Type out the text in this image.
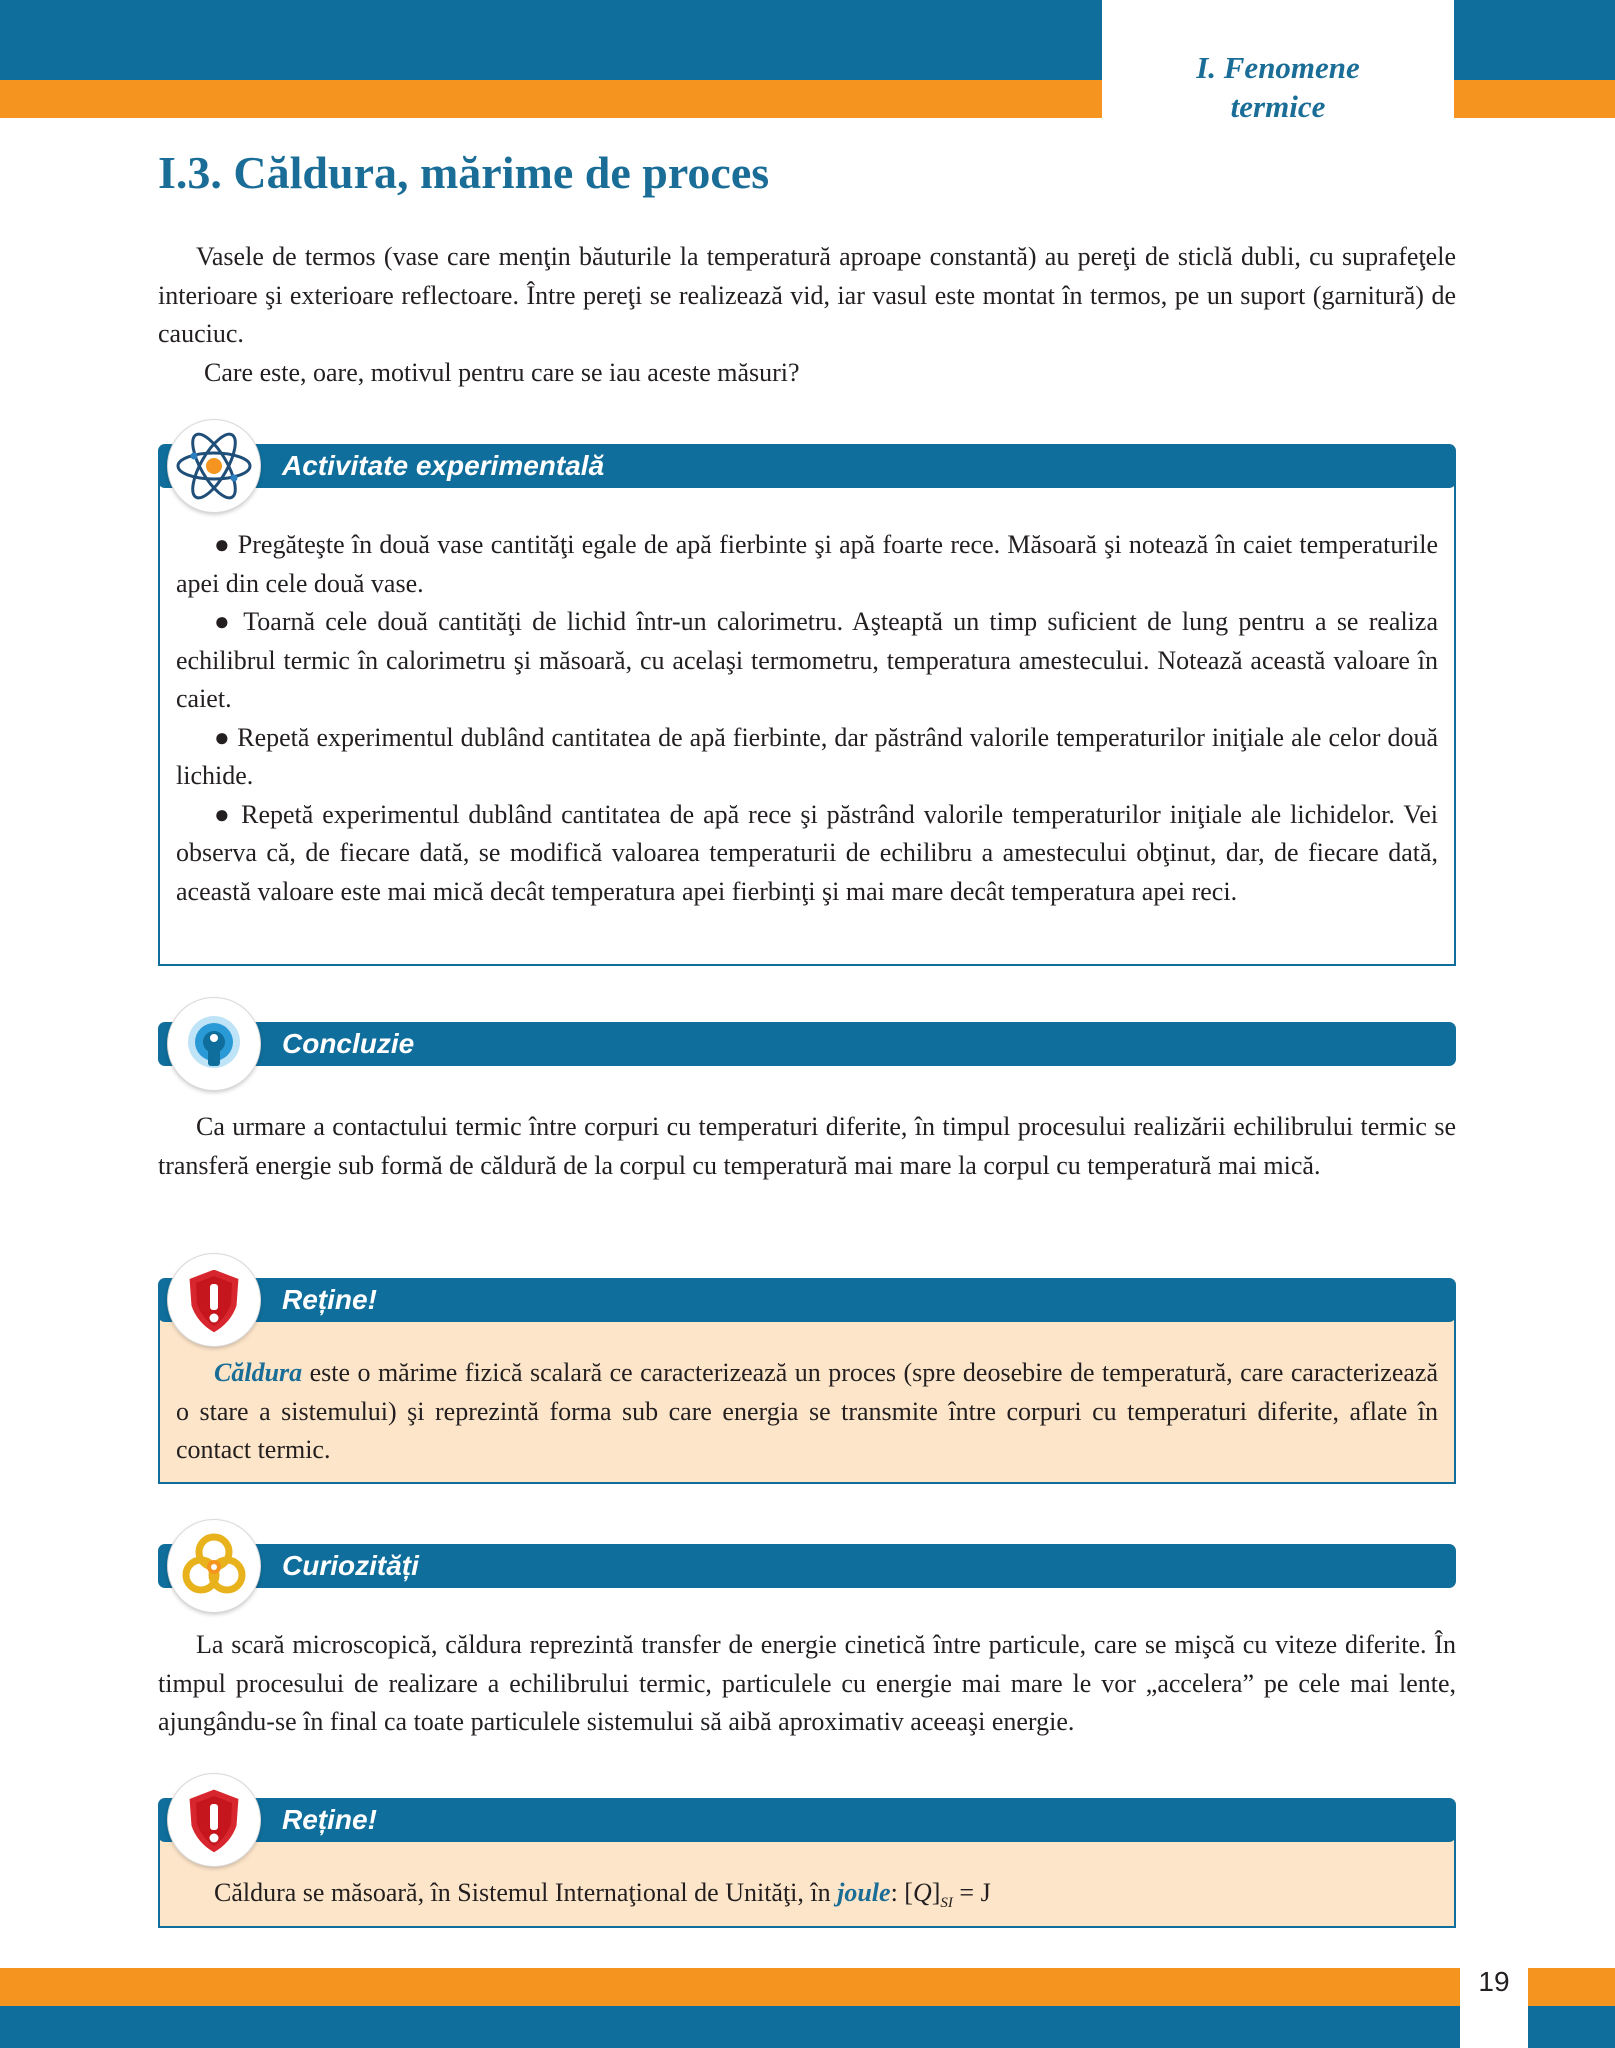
I. Fenomene
termice
I.3. Căldura, mărime de proces

Vasele de termos (vase care menţin băuturile la temperatură aproape constantă) au pereţi de sticlă dubli, cu suprafeţele interioare şi exterioare reflectoare. Între pereţi se realizează vid, iar vasul este montat în termos, pe un suport (garnitură) de cauciuc.

Care este, oare, motivul pentru care se iau aceste măsuri?

Activitate experimentală

● Pregăteşte în două vase cantităţi egale de apă fierbinte şi apă foarte rece. Măsoară şi notează în caiet temperaturile apei din cele două vase.

● Toarnă cele două cantităţi de lichid într-un calorimetru. Aşteaptă un timp suficient de lung pentru a se realiza echilibrul termic în calorimetru şi măsoară, cu acelaşi termometru, temperatura amestecului. Notează această valoare în caiet.

● Repetă experimentul dublând cantitatea de apă fierbinte, dar păstrând valorile temperaturilor iniţiale ale celor două lichide.

● Repetă experimentul dublând cantitatea de apă rece şi păstrând valorile temperaturilor iniţiale ale lichidelor. Vei observa că, de fiecare dată, se modifică valoarea temperaturii de echilibru a amestecului obţinut, dar, de fiecare dată, această valoare este mai mică decât temperatura apei fierbinţi şi mai mare decât temperatura apei reci.

Concluzie

Ca urmare a contactului termic între corpuri cu temperaturi diferite, în timpul procesului realizării echilibrului termic se transferă energie sub formă de căldură de la corpul cu temperatură mai mare la corpul cu temperatură mai mică.

Reține!

Căldura este o mărime fizică scalară ce caracterizează un proces (spre deosebire de temperatură, care caracterizează o stare a sistemului) şi reprezintă forma sub care energia se transmite între corpuri cu temperaturi diferite, aflate în contact termic.

Curiozități

La scară microscopică, căldura reprezintă transfer de energie cinetică între particule, care se mişcă cu viteze diferite. În timpul procesului de realizare a echilibrului termic, particulele cu energie mai mare le vor „accelera” pe cele mai lente, ajungându-se în final ca toate particulele sistemului să aibă aproximativ aceeaşi energie.

Reține!

Căldura se măsoară, în Sistemul Internaţional de Unităţi, în joule: $[Q]_{SI} = J$

19
